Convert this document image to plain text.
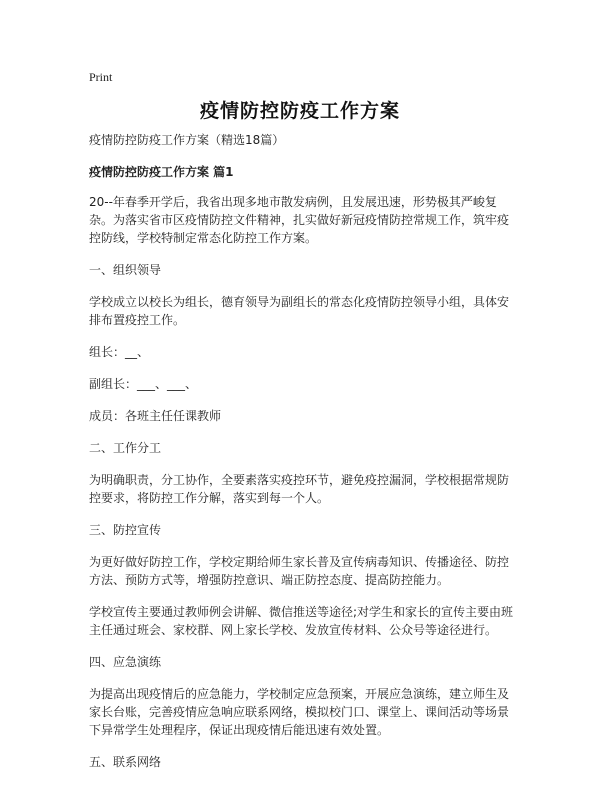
Print
疫情防控防疫工作方案

疫情防控防疫工作方案（精选18篇）

疫情防控防疫工作方案 篇1

20--年春季开学后，我省出现多地市散发病例，且发展迅速，形势极其严峻复杂。为落实省市区疫情防控文件精神，扎实做好新冠疫情防控常规工作，筑牢疫控防线，学校特制定常态化防控工作方案。

一、组织领导

学校成立以校长为组长，德育领导为副组长的常态化疫情防控领导小组，具体安排布置疫控工作。

组长：__、

副组长：___、___、

成员：各班主任任课教师

二、工作分工

为明确职责，分工协作，全要素落实疫控环节，避免疫控漏洞，学校根据常规防控要求，将防控工作分解，落实到每一个人。

三、防控宣传

为更好做好防控工作，学校定期给师生家长普及宣传病毒知识、传播途径、防控方法、预防方式等，增强防控意识、端正防控态度、提高防控能力。

学校宣传主要通过教师例会讲解、微信推送等途径;对学生和家长的宣传主要由班主任通过班会、家校群、网上家长学校、发放宣传材料、公众号等途径进行。

四、应急演练

为提高出现疫情后的应急能力，学校制定应急预案，开展应急演练，建立师生及家长台账，完善疫情应急响应联系网络，模拟校门口、课堂上、课间活动等场景下异常学生处理程序，保证出现疫情后能迅速有效处置。

五、联系网络
